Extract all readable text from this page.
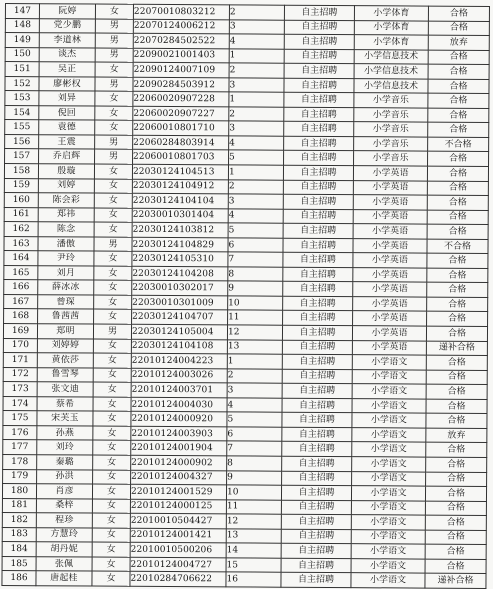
147	阮婷	女	22070010803212	2	自主招聘	小学体育	合格
148	党少鹏	男	22070124006212	3	自主招聘	小学体育	合格
149	李道林	男	22070284502522	4	自主招聘	小学体育	放弃
150	谈杰	男	22090021001403	1	自主招聘	小学信息技术	合格
151	吴正	女	22090124007109	2	自主招聘	小学信息技术	合格
152	廖彬权	男	22090284503912	3	自主招聘	小学信息技术	合格
153	刘异	女	22060020907228	1	自主招聘	小学音乐	合格
154	倪回	女	22060020907227	2	自主招聘	小学音乐	合格
155	袁德	女	22060010801710	3	自主招聘	小学音乐	合格
156	王震	男	22060284803914	4	自主招聘	小学音乐	不合格
157	乔启辉	男	22060010801703	5	自主招聘	小学音乐	合格
158	殷璇	女	22030124104513	1	自主招聘	小学英语	合格
159	刘婷	女	22030124104912	2	自主招聘	小学英语	合格
160	陈会彩	女	22030124104104	3	自主招聘	小学英语	合格
161	郑祎	女	22030010301404	4	自主招聘	小学英语	合格
162	陈念	女	22030124103812	5	自主招聘	小学英语	合格
163	潘傲	男	22030124104829	6	自主招聘	小学英语	不合格
164	尹玲	女	22030124105310	7	自主招聘	小学英语	合格
165	刘月	女	22030124104208	8	自主招聘	小学英语	合格
166	薛冰冰	女	22030010302017	9	自主招聘	小学英语	合格
167	曾琛	女	22030010301009	10	自主招聘	小学英语	合格
168	鲁茜茜	女	22030124104707	11	自主招聘	小学英语	合格
169	郑明	男	22030124105004	12	自主招聘	小学英语	合格
170	刘婷婷	女	22030124104108	13	自主招聘	小学英语	递补合格
171	黄依莎	女	22010124004223	1	自主招聘	小学语文	合格
172	鲁雪琴	女	22010124003026	2	自主招聘	小学语文	合格
173	张文迪	女	22010124003701	3	自主招聘	小学语文	合格
174	蔡希	女	22010124004030	4	自主招聘	小学语文	合格
175	宋芙玉	女	22010124000920	5	自主招聘	小学语文	合格
176	孙燕	女	22010124003903	6	自主招聘	小学语文	放弃
177	刘玲	女	22010124001904	7	自主招聘	小学语文	合格
178	秦璐	女	22010124000902	8	自主招聘	小学语文	合格
179	孙洪	女	22010124004327	9	自主招聘	小学语文	合格
180	肖彦	女	22010124001529	10	自主招聘	小学语文	合格
181	桑梓	女	22010124000125	11	自主招聘	小学语文	合格
182	程珍	女	22010010504427	12	自主招聘	小学语文	合格
183	方慧玲	女	22010124001421	13	自主招聘	小学语文	合格
184	胡丹妮	女	22010010500206	14	自主招聘	小学语文	合格
185	张佩	女	22010124004727	15	自主招聘	小学语文	合格
186	唐起桂	女	22010284706622	16	自主招聘	小学语文	递补合格
